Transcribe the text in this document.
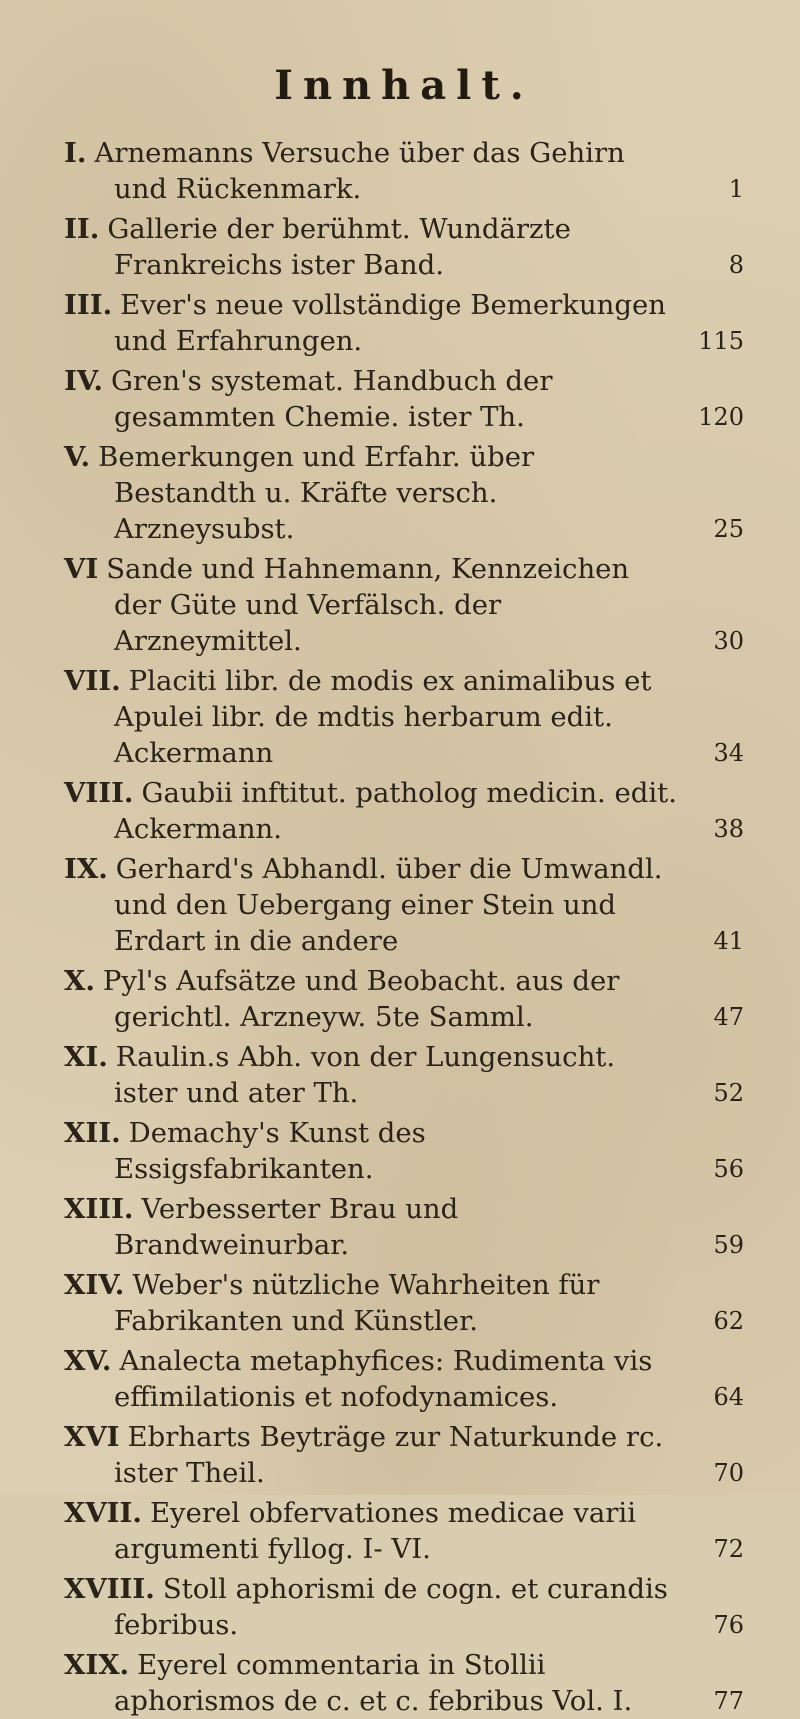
Innhalt.
I. Arnemanns Versuche über das Gehirn und Rückenmark.	1
II. Gallerie der berühmt. Wundärzte Frankreichs ister Band.	8
III. Ever's neue vollständige Bemerkungen und Erfahrungen.	115
IV. Gren's systemat. Handbuch der gesammten Chemie. ister Th.	120
V. Bemerkungen und Erfahr. über Bestandth u. Kräfte versch. Arzneysubst.	25
VI Sande und Hahnemann, Kennzeichen der Güte und Verfälsch. der Arzneymittel.	30
VII. Placiti libr. de modis ex animalibus et Apulei libr. de mdtis herbarum edit. Ackermann	34
VIII. Gaubii inftitut. patholog medicin. edit. Ackermann.	38
IX. Gerhard's Abhandl. über die Umwandl. und den Uebergang einer Stein und Erdart in die andere	41
X. Pyl's Aufsätze und Beobacht. aus der gerichtl. Arzneyw. 5te Samml.	47
XI. Raulin.s Abh. von der Lungensucht. ister und ater Th.	52
XII. Demachy's Kunst des Essigsfabrikanten.	56
XIII. Verbesserter Brau und Brandweinurbar.	59
XIV. Weber's nützliche Wahrheiten für Fabrikanten und Künstler.	62
XV. Analecta metaphyfices: Rudimenta vis effimilationis et nofodynamices.	64
XVI Ebrharts Beyträge zur Naturkunde rc. ister Theil.	70
XVII. Eyerel obfervationes medicae varii argumenti fyllog. I- VI.	72
XVIII. Stoll aphorismi de cogn. et curandis febribus.	76
XIX. Eyerel commentaria in Stollii aphorismos de c. et c. febribus Vol. I.	77
